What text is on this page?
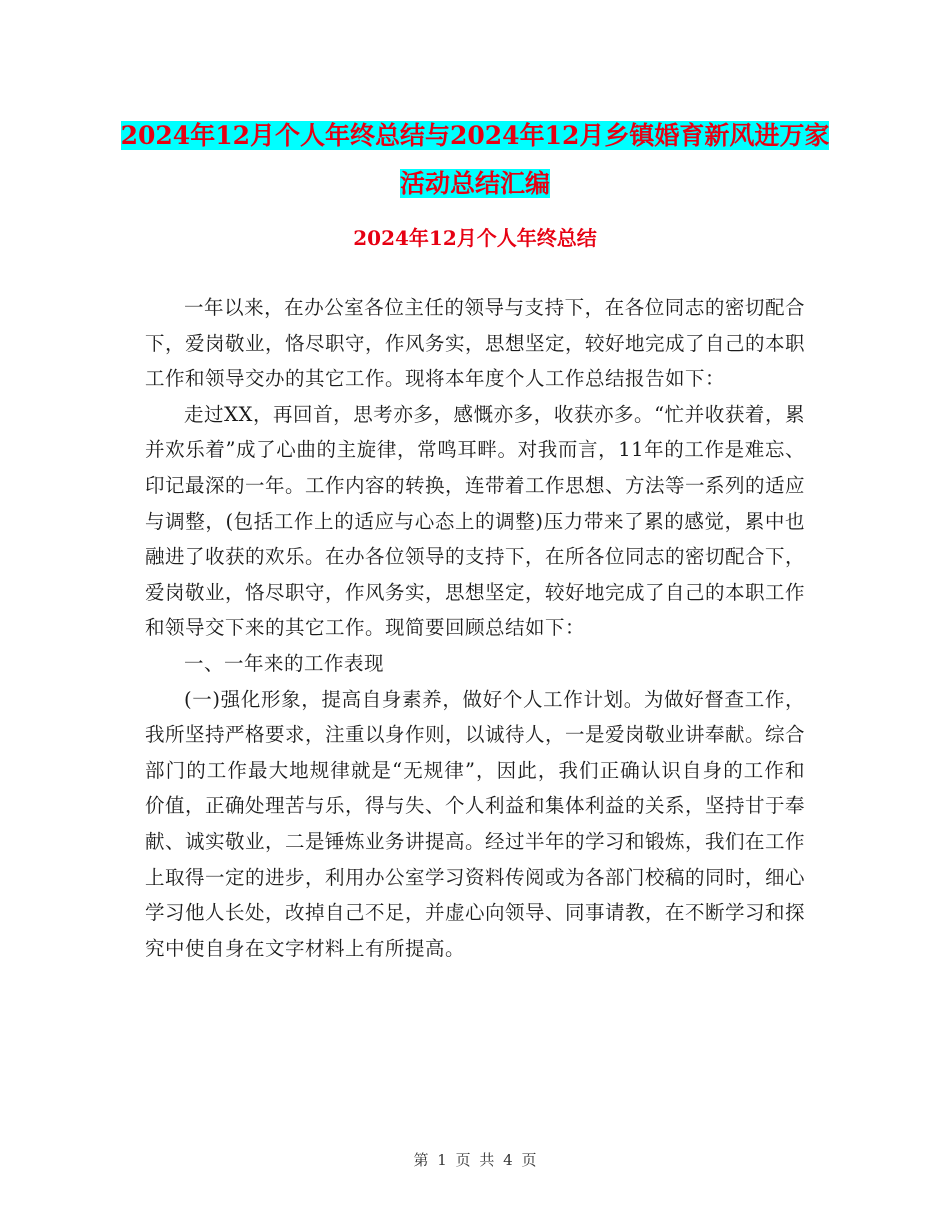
2024年12月个人年终总结与2024年12月乡镇婚育新风进万家活动总结汇编
2024年12月个人年终总结

一年以来，在办公室各位主任的领导与支持下，在各位同志的密切配合下，爱岗敬业，恪尽职守，作风务实，思想坚定，较好地完成了自己的本职工作和领导交办的其它工作。现将本年度个人工作总结报告如下：

走过XX，再回首，思考亦多，感慨亦多，收获亦多。“忙并收获着，累并欢乐着”成了心曲的主旋律，常鸣耳畔。对我而言，11年的工作是难忘、印记最深的一年。工作内容的转换，连带着工作思想、方法等一系列的适应与调整，(包括工作上的适应与心态上的调整)压力带来了累的感觉，累中也融进了收获的欢乐。在办各位领导的支持下，在所各位同志的密切配合下，爱岗敬业，恪尽职守，作风务实，思想坚定，较好地完成了自己的本职工作和领导交下来的其它工作。现简要回顾总结如下：

一、一年来的工作表现

(一)强化形象，提高自身素养，做好个人工作计划。为做好督查工作，我所坚持严格要求，注重以身作则，以诚待人，一是爱岗敬业讲奉献。综合部门的工作最大地规律就是“无规律”，因此，我们正确认识自身的工作和价值，正确处理苦与乐，得与失、个人利益和集体利益的关系，坚持甘于奉献、诚实敬业，二是锤炼业务讲提高。经过半年的学习和锻炼，我们在工作上取得一定的进步，利用办公室学习资料传阅或为各部门校稿的同时，细心学习他人长处，改掉自己不足，并虚心向领导、同事请教，在不断学习和探究中使自身在文字材料上有所提高。

第 1 页 共 4 页
